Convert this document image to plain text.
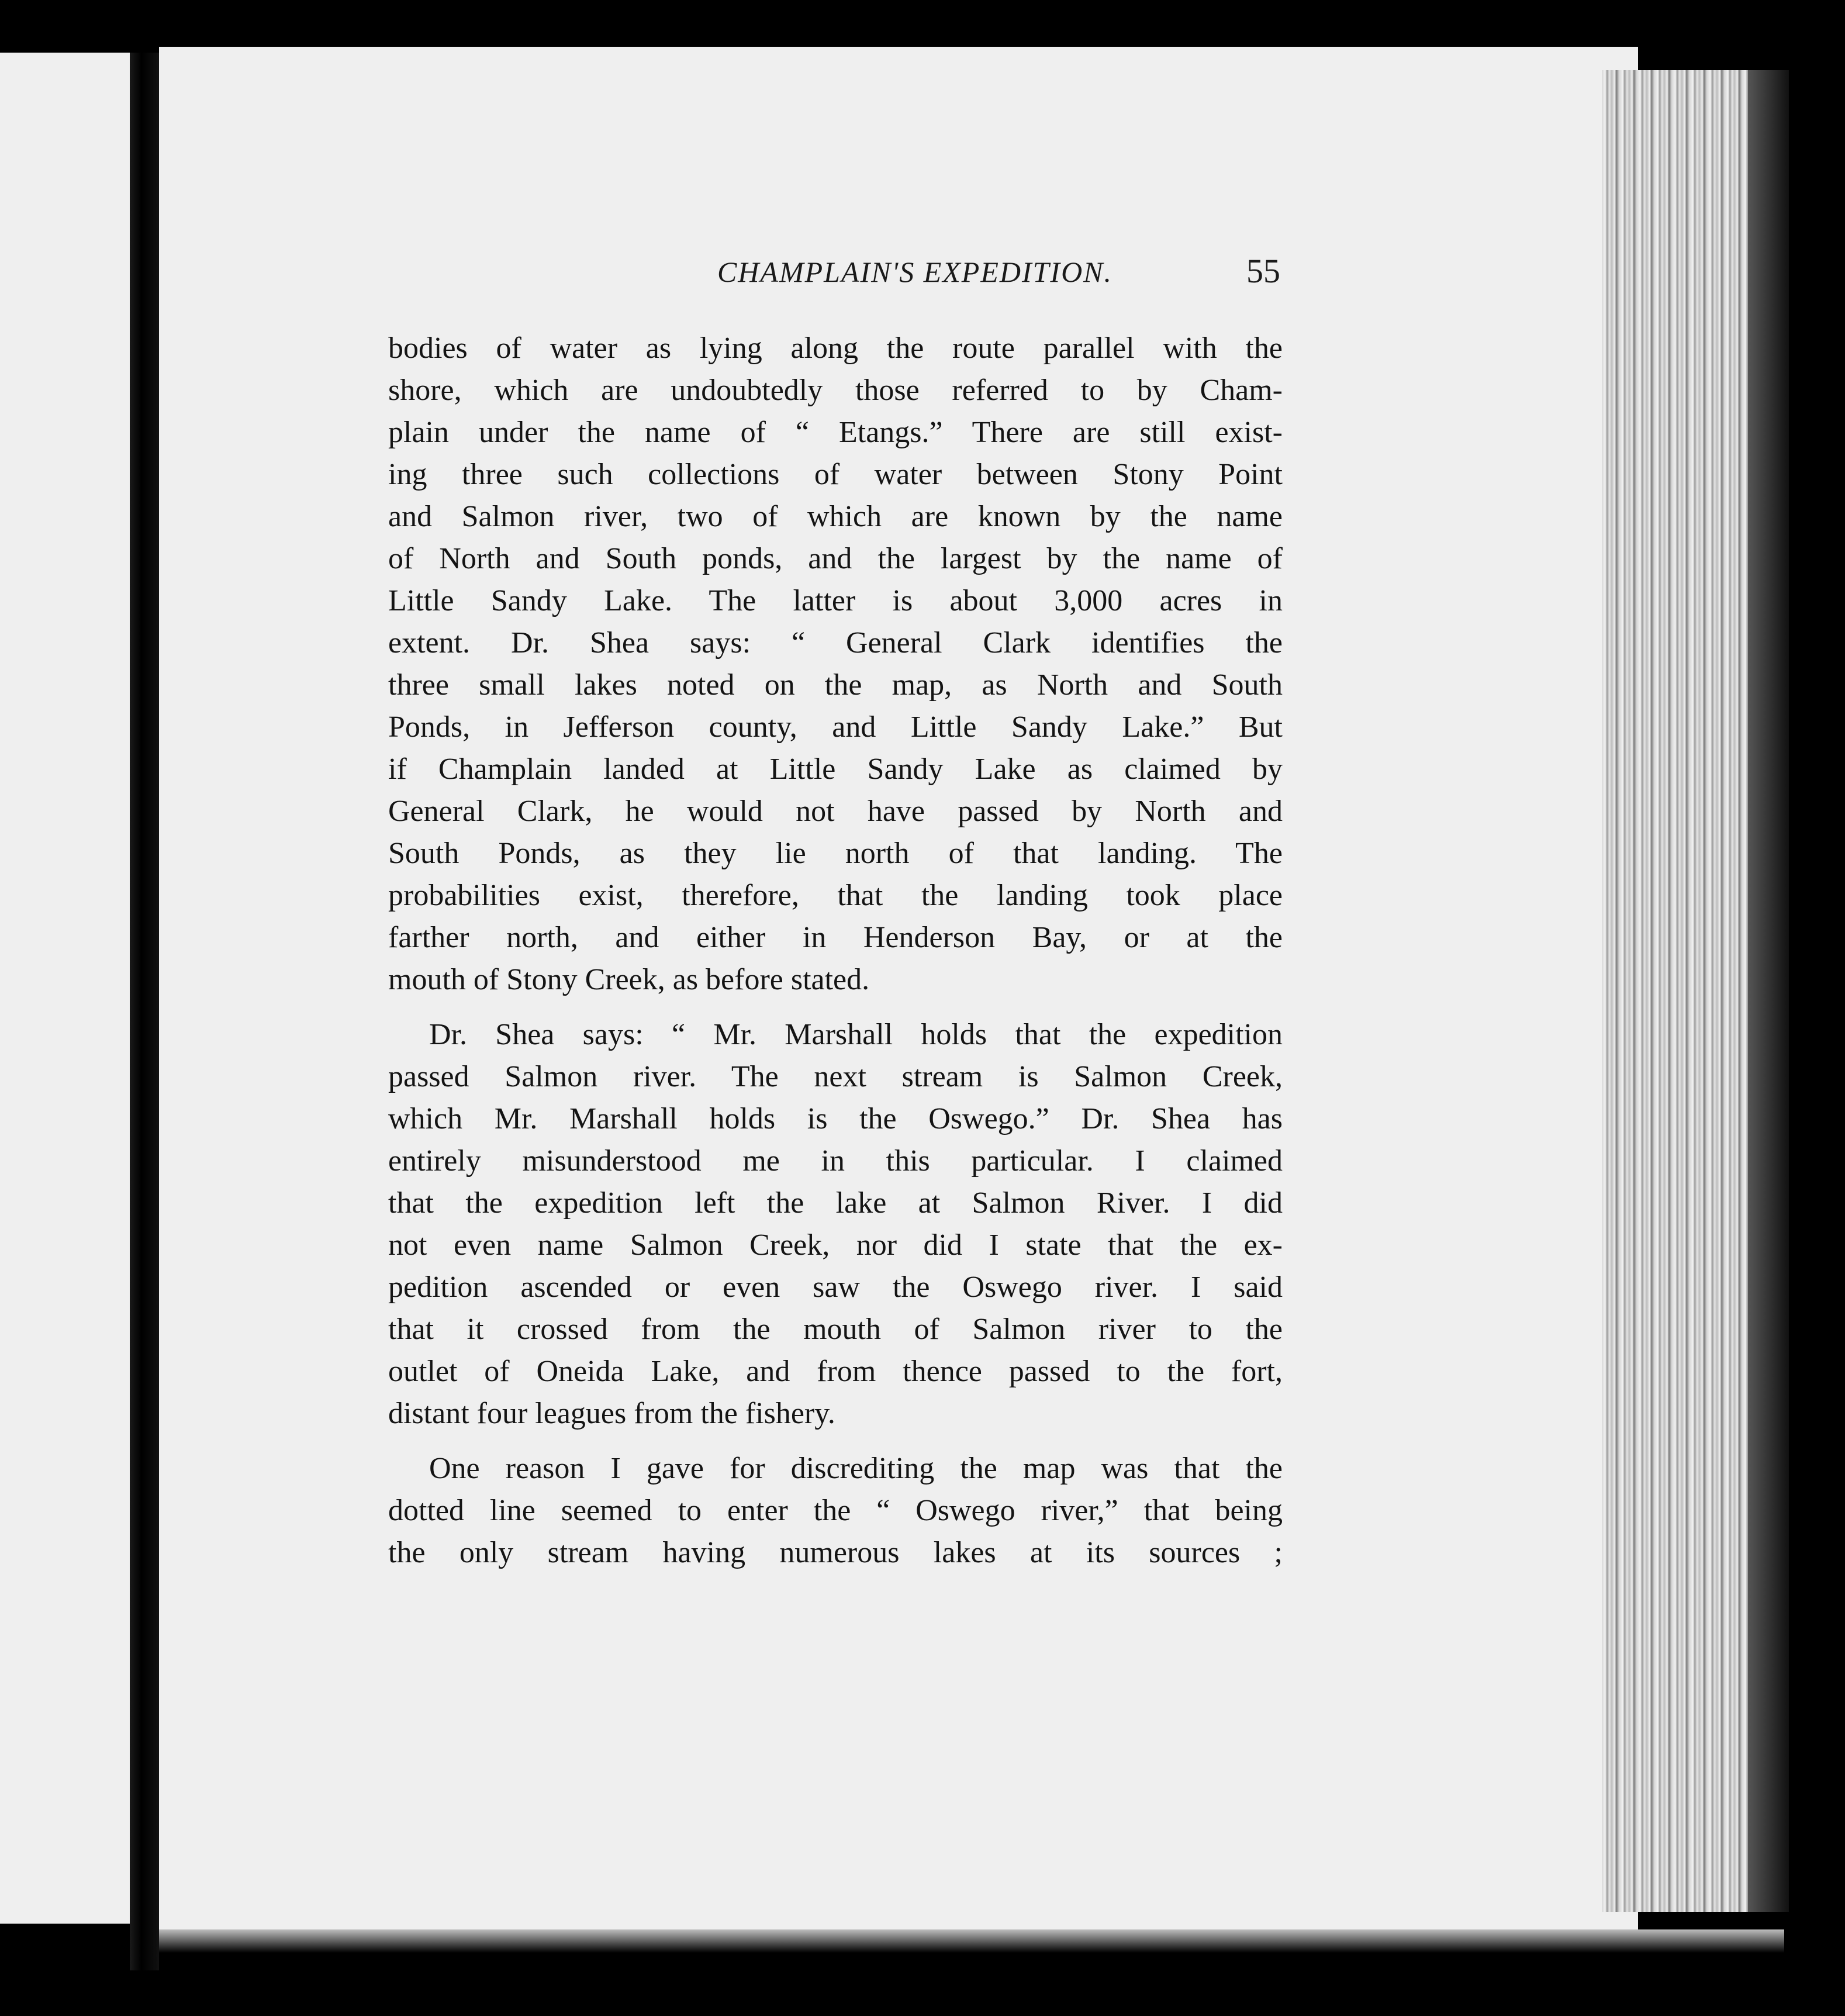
CHAMPLAIN'S EXPEDITION.	55
bodies of water as lying along the route parallel with the
shore, which are undoubtedly those referred to by Cham-
plain under the name of “ Etangs.” There are still exist-
ing three such collections of water between Stony Point
and Salmon river, two of which are known by the name
of North and South ponds, and the largest by the name of
Little Sandy Lake. The latter is about 3,000 acres in
extent. Dr. Shea says: “ General Clark identifies the
three small lakes noted on the map, as North and South
Ponds, in Jefferson county, and Little Sandy Lake.” But
if Champlain landed at Little Sandy Lake as claimed by
General Clark, he would not have passed by North and
South Ponds, as they lie north of that landing. The
probabilities exist, therefore, that the landing took place
farther north, and either in Henderson Bay, or at the
mouth of Stony Creek, as before stated.
Dr. Shea says: “ Mr. Marshall holds that the expedition
passed Salmon river. The next stream is Salmon Creek,
which Mr. Marshall holds is the Oswego.” Dr. Shea has
entirely misunderstood me in this particular. I claimed
that the expedition left the lake at Salmon River. I did
not even name Salmon Creek, nor did I state that the ex-
pedition ascended or even saw the Oswego river. I said
that it crossed from the mouth of Salmon river to the
outlet of Oneida Lake, and from thence passed to the fort,
distant four leagues from the fishery.
One reason I gave for discrediting the map was that the
dotted line seemed to enter the “ Oswego river,” that being
the only stream having numerous lakes at its sources ;
